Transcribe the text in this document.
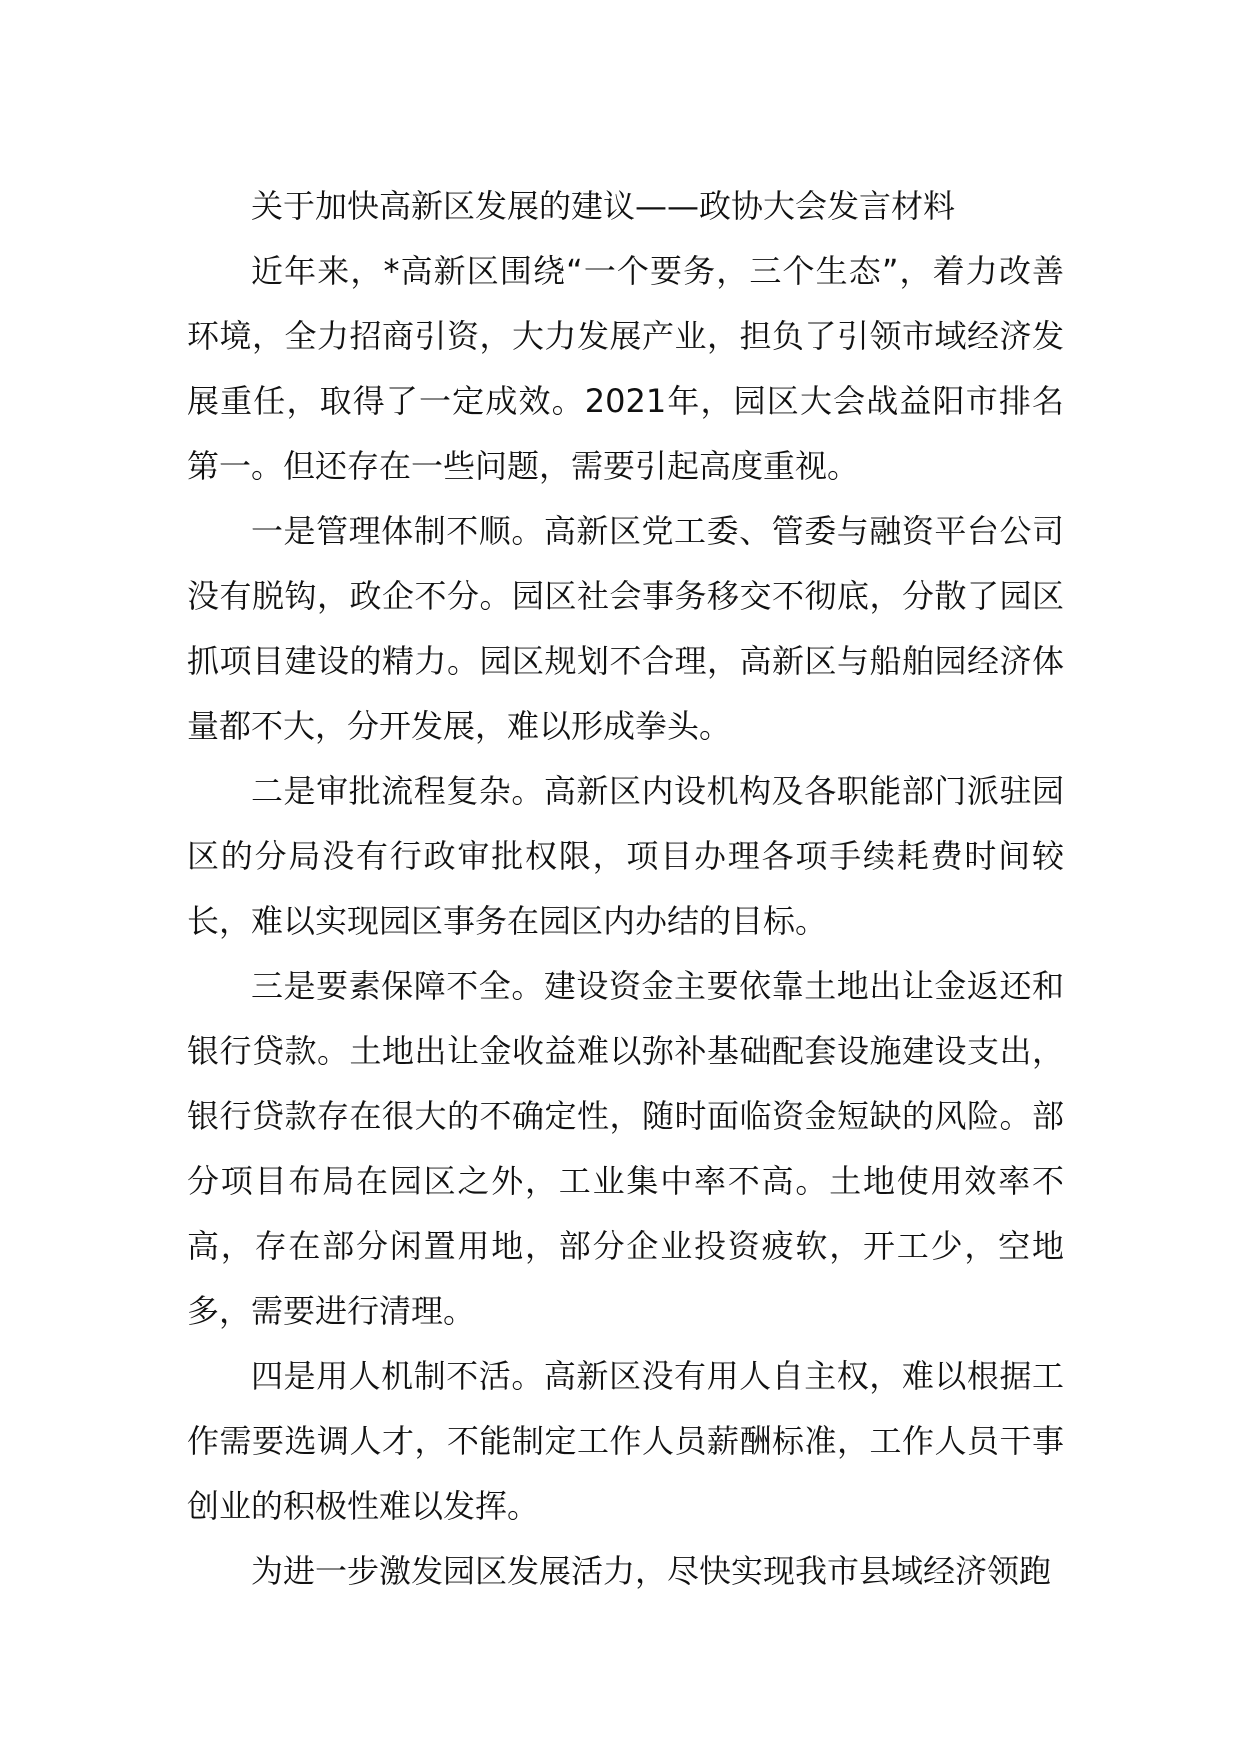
关于加快高新区发展的建议——政协大会发言材料

近年来，*高新区围绕“一个要务，三个生态”，着力改善环境，全力招商引资，大力发展产业，担负了引领市域经济发展重任，取得了一定成效。2021年，园区大会战益阳市排名第一。但还存在一些问题，需要引起高度重视。

一是管理体制不顺。高新区党工委、管委与融资平台公司没有脱钩，政企不分。园区社会事务移交不彻底，分散了园区抓项目建设的精力。园区规划不合理，高新区与船舶园经济体量都不大，分开发展，难以形成拳头。

二是审批流程复杂。高新区内设机构及各职能部门派驻园区的分局没有行政审批权限，项目办理各项手续耗费时间较长，难以实现园区事务在园区内办结的目标。

三是要素保障不全。建设资金主要依靠土地出让金返还和银行贷款。土地出让金收益难以弥补基础配套设施建设支出，银行贷款存在很大的不确定性，随时面临资金短缺的风险。部分项目布局在园区之外，工业集中率不高。土地使用效率不高，存在部分闲置用地，部分企业投资疲软，开工少，空地多，需要进行清理。

四是用人机制不活。高新区没有用人自主权，难以根据工作需要选调人才，不能制定工作人员薪酬标准，工作人员干事创业的积极性难以发挥。

为进一步激发园区发展活力，尽快实现我市县域经济领跑
